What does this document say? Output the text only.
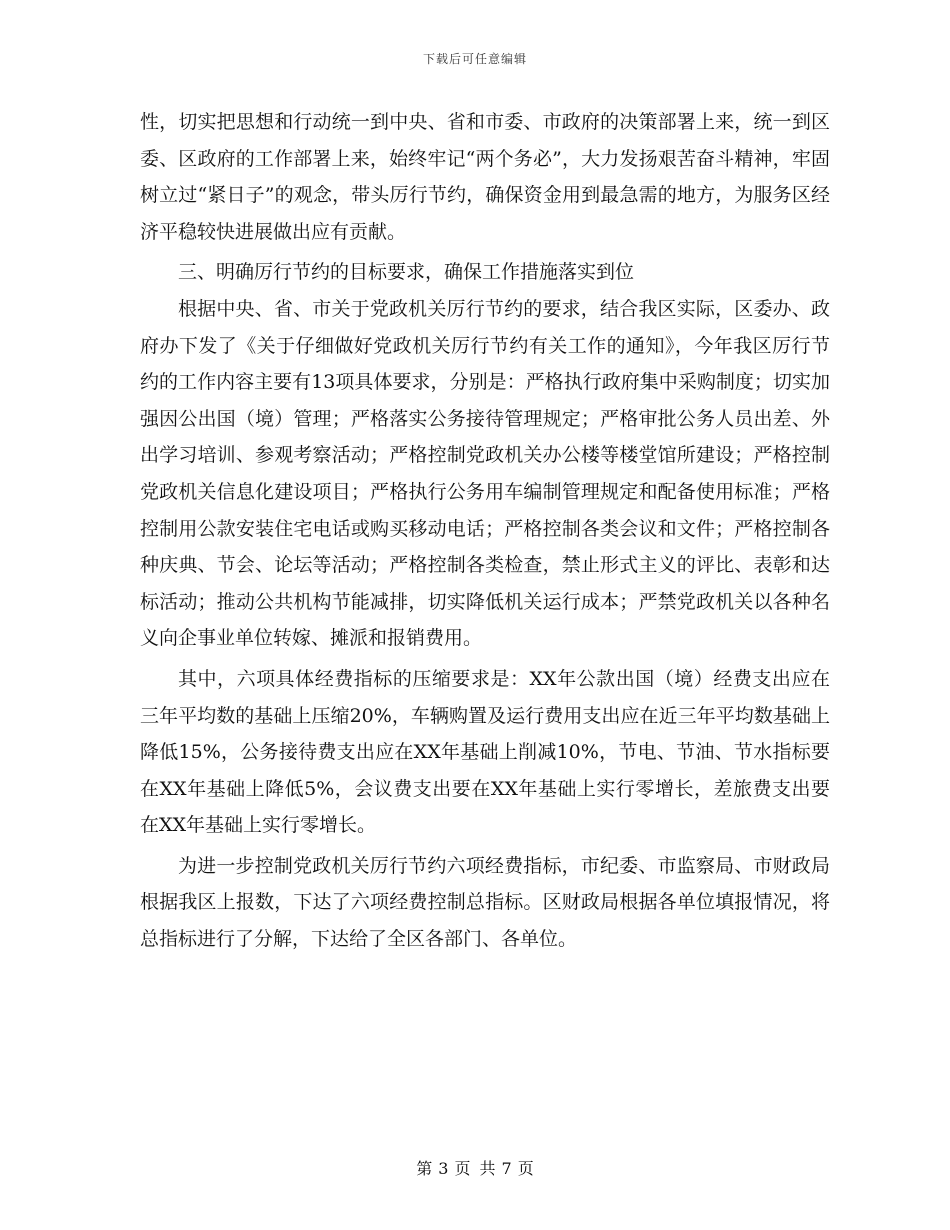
下载后可任意编辑

性，切实把思想和行动统一到中央、省和市委、市政府的决策部署上来，统一到区委、区政府的工作部署上来，始终牢记“两个务必”，大力发扬艰苦奋斗精神，牢固树立过“紧日子”的观念，带头厉行节约，确保资金用到最急需的地方，为服务区经济平稳较快进展做出应有贡献。

三、明确厉行节约的目标要求，确保工作措施落实到位

根据中央、省、市关于党政机关厉行节约的要求，结合我区实际，区委办、政府办下发了《关于仔细做好党政机关厉行节约有关工作的通知》，今年我区厉行节约的工作内容主要有13项具体要求，分别是：严格执行政府集中采购制度；切实加强因公出国（境）管理；严格落实公务接待管理规定；严格审批公务人员出差、外出学习培训、参观考察活动；严格控制党政机关办公楼等楼堂馆所建设；严格控制党政机关信息化建设项目；严格执行公务用车编制管理规定和配备使用标准；严格控制用公款安装住宅电话或购买移动电话；严格控制各类会议和文件；严格控制各种庆典、节会、论坛等活动；严格控制各类检查，禁止形式主义的评比、表彰和达标活动；推动公共机构节能减排，切实降低机关运行成本；严禁党政机关以各种名义向企事业单位转嫁、摊派和报销费用。

其中，六项具体经费指标的压缩要求是：XX年公款出国（境）经费支出应在三年平均数的基础上压缩20%，车辆购置及运行费用支出应在近三年平均数基础上降低15%，公务接待费支出应在XX年基础上削减10%，节电、节油、节水指标要在XX年基础上降低5%，会议费支出要在XX年基础上实行零增长，差旅费支出要在XX年基础上实行零增长。

为进一步控制党政机关厉行节约六项经费指标，市纪委、市监察局、市财政局根据我区上报数，下达了六项经费控制总指标。区财政局根据各单位填报情况，将总指标进行了分解，下达给了全区各部门、各单位。

第 3 页 共 7 页
